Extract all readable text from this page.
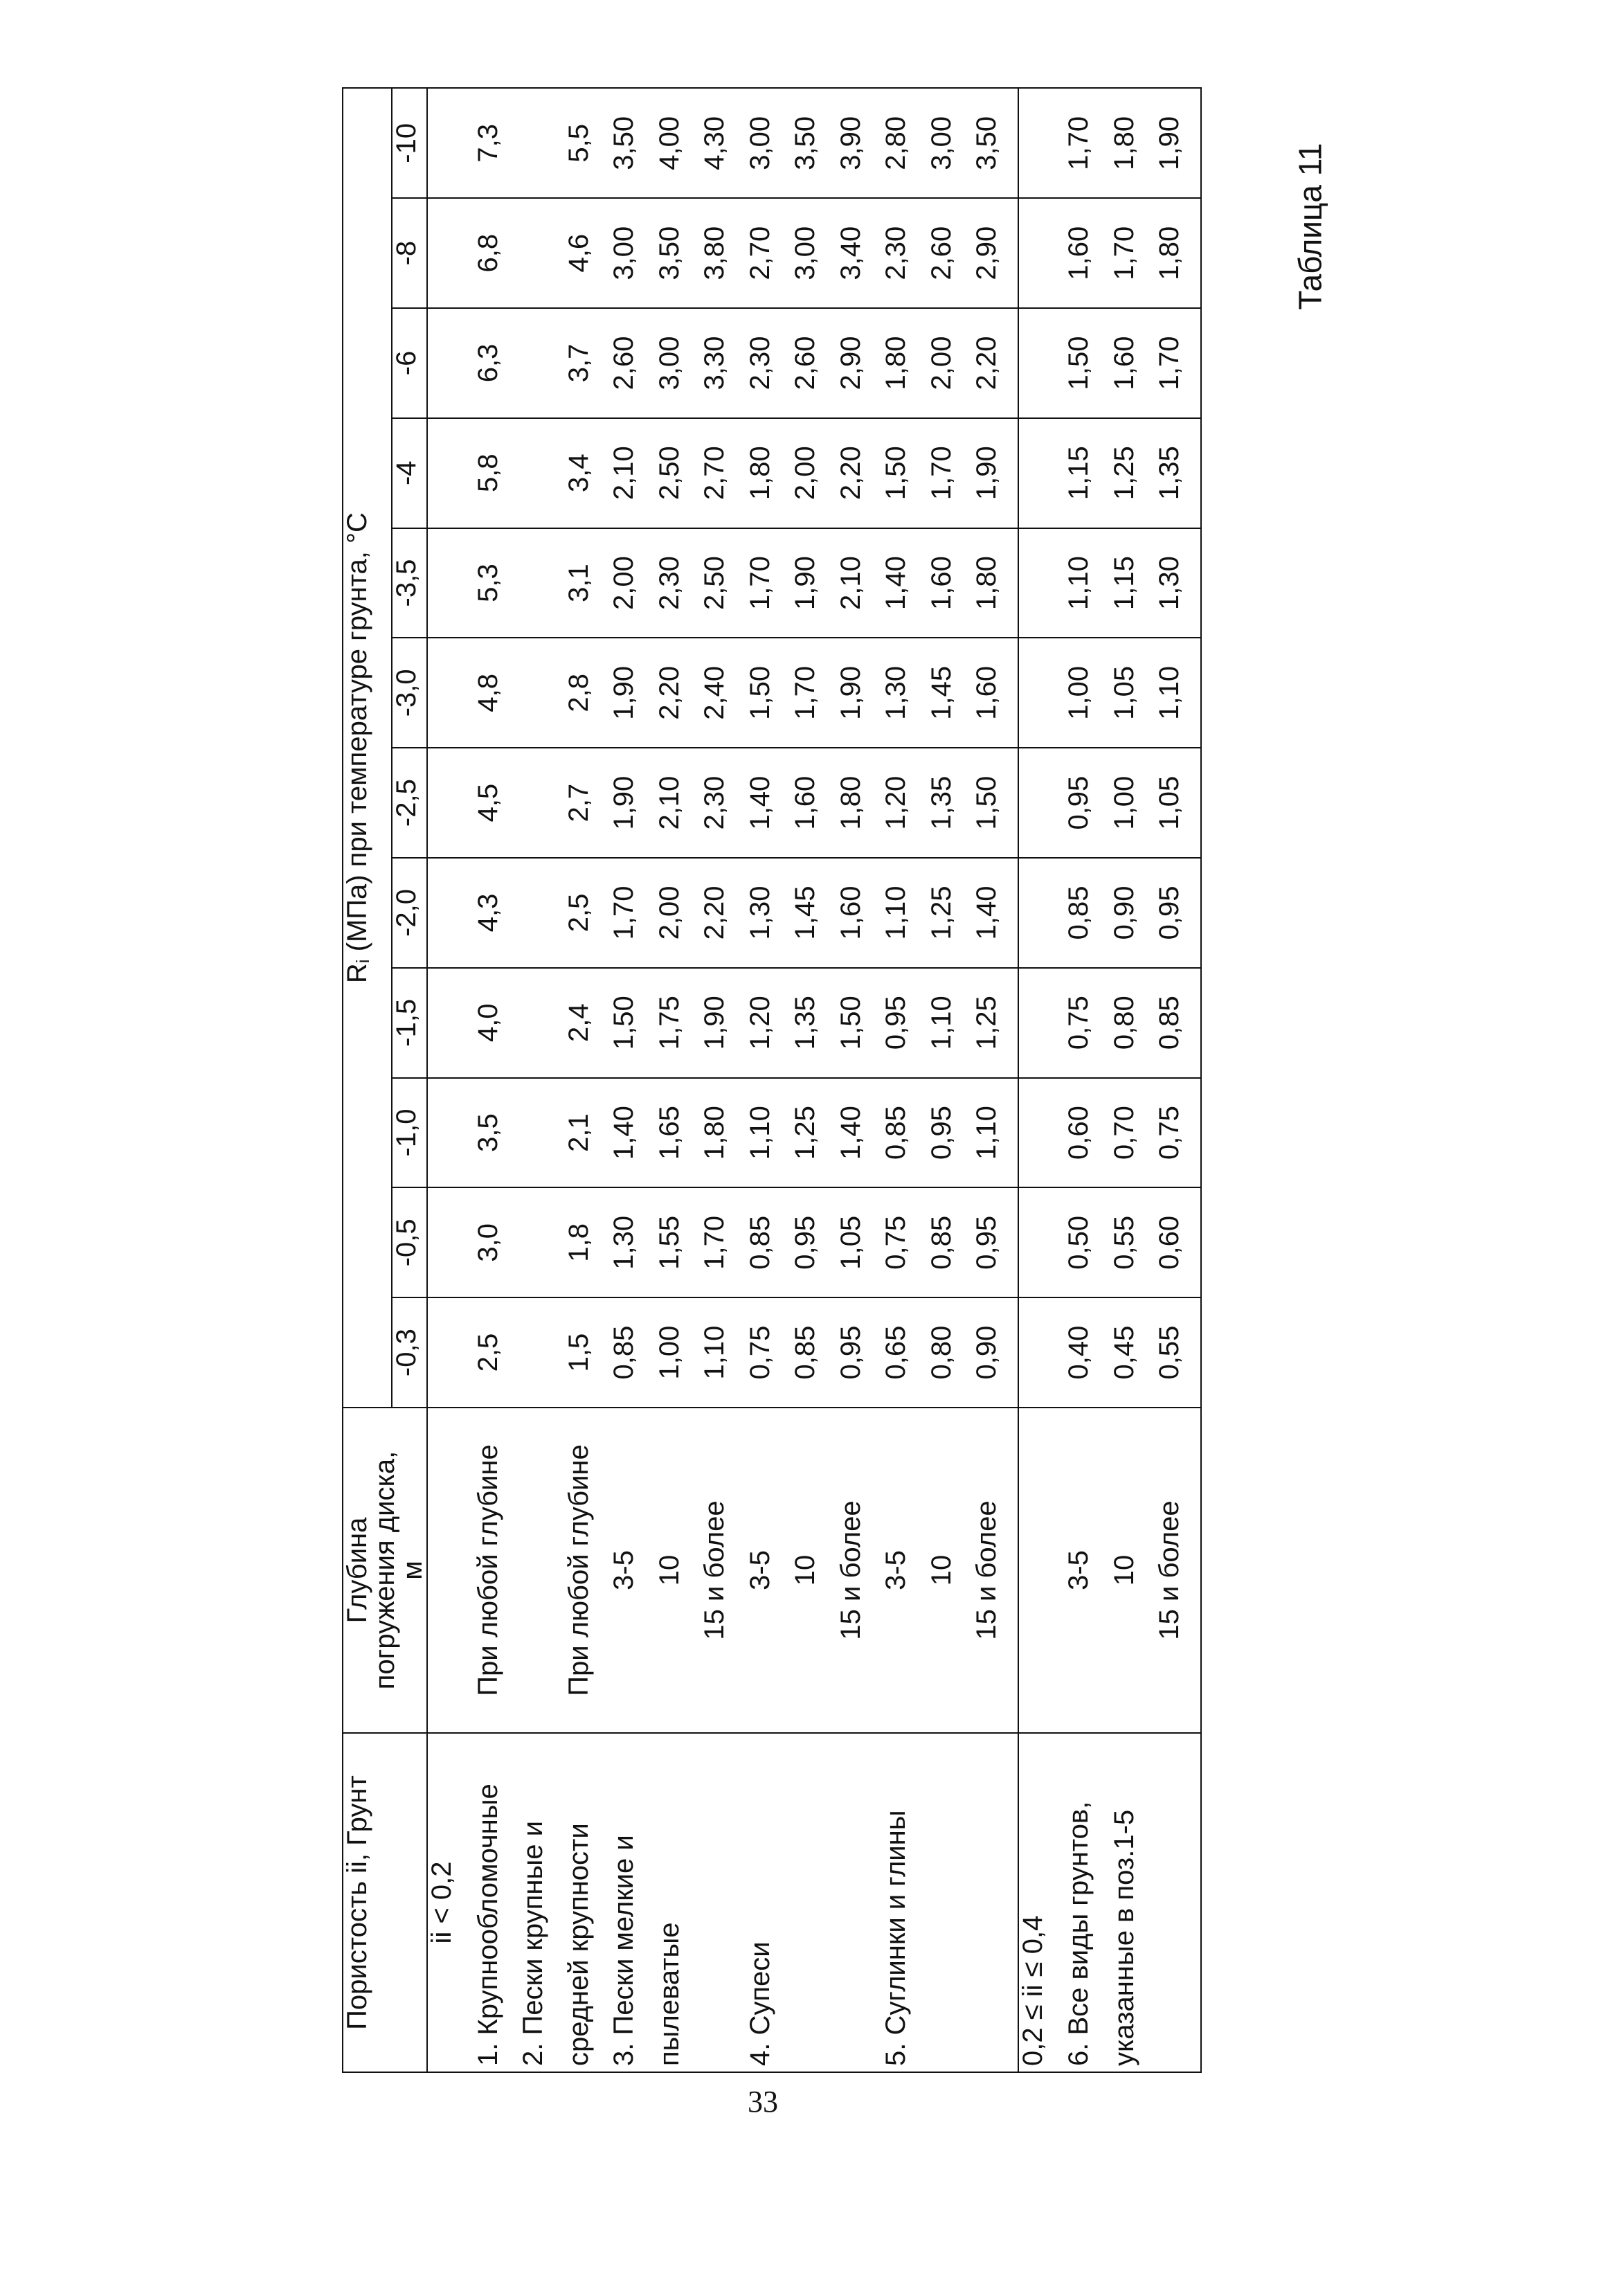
Таблица 11
Пористость ii, Грунт	Глубина
погружения диска,
м	Ri (МПа) при температуре грунта, °С											
		-0,3	-0,5	-1,0	-1,5	-2,0	-2,5	-3,0	-3,5	-4	-6	-8	-10
ii < 0,2													
1. Крупнообломочные	При любой глубине	2,5	3,0	3,5	4,0	4,3	4,5	4,8	5,3	5,8	6,3	6,8	7,3
2. Пески крупные и													
средней крупности	При любой глубине	1,5	1,8	2,1	2,4	2,5	2,7	2,8	3,1	3,4	3,7	4,6	5,5
3. Пески мелкие и	3-5	0,85	1,30	1,40	1,50	1,70	1,90	1,90	2,00	2,10	2,60	3,00	3,50
пылеватые	10	1,00	1,55	1,65	1,75	2,00	2,10	2,20	2,30	2,50	3,00	3,50	4,00
	15 и более	1,10	1,70	1,80	1,90	2,20	2,30	2,40	2,50	2,70	3,30	3,80	4,30
4. Супеси	3-5	0,75	0,85	1,10	1,20	1,30	1,40	1,50	1,70	1,80	2,30	2,70	3,00
	10	0,85	0,95	1,25	1,35	1,45	1,60	1,70	1,90	2,00	2,60	3,00	3,50
	15 и более	0,95	1,05	1,40	1,50	1,60	1,80	1,90	2,10	2,20	2,90	3,40	3,90
5. Суглинки и глины	3-5	0,65	0,75	0,85	0,95	1,10	1,20	1,30	1,40	1,50	1,80	2,30	2,80
	10	0,80	0,85	0,95	1,10	1,25	1,35	1,45	1,60	1,70	2,00	2,60	3,00
	15 и более	0,90	0,95	1,10	1,25	1,40	1,50	1,60	1,80	1,90	2,20	2,90	3,50
0,2 ≤ ii ≤ 0,4													
6. Все виды грунтов,	3-5	0,40	0,50	0,60	0,75	0,85	0,95	1,00	1,10	1,15	1,50	1,60	1,70
указанные в поз.1-5	10	0,45	0,55	0,70	0,80	0,90	1,00	1,05	1,15	1,25	1,60	1,70	1,80
	15 и более	0,55	0,60	0,75	0,85	0,95	1,05	1,10	1,30	1,35	1,70	1,80	1,90
33
